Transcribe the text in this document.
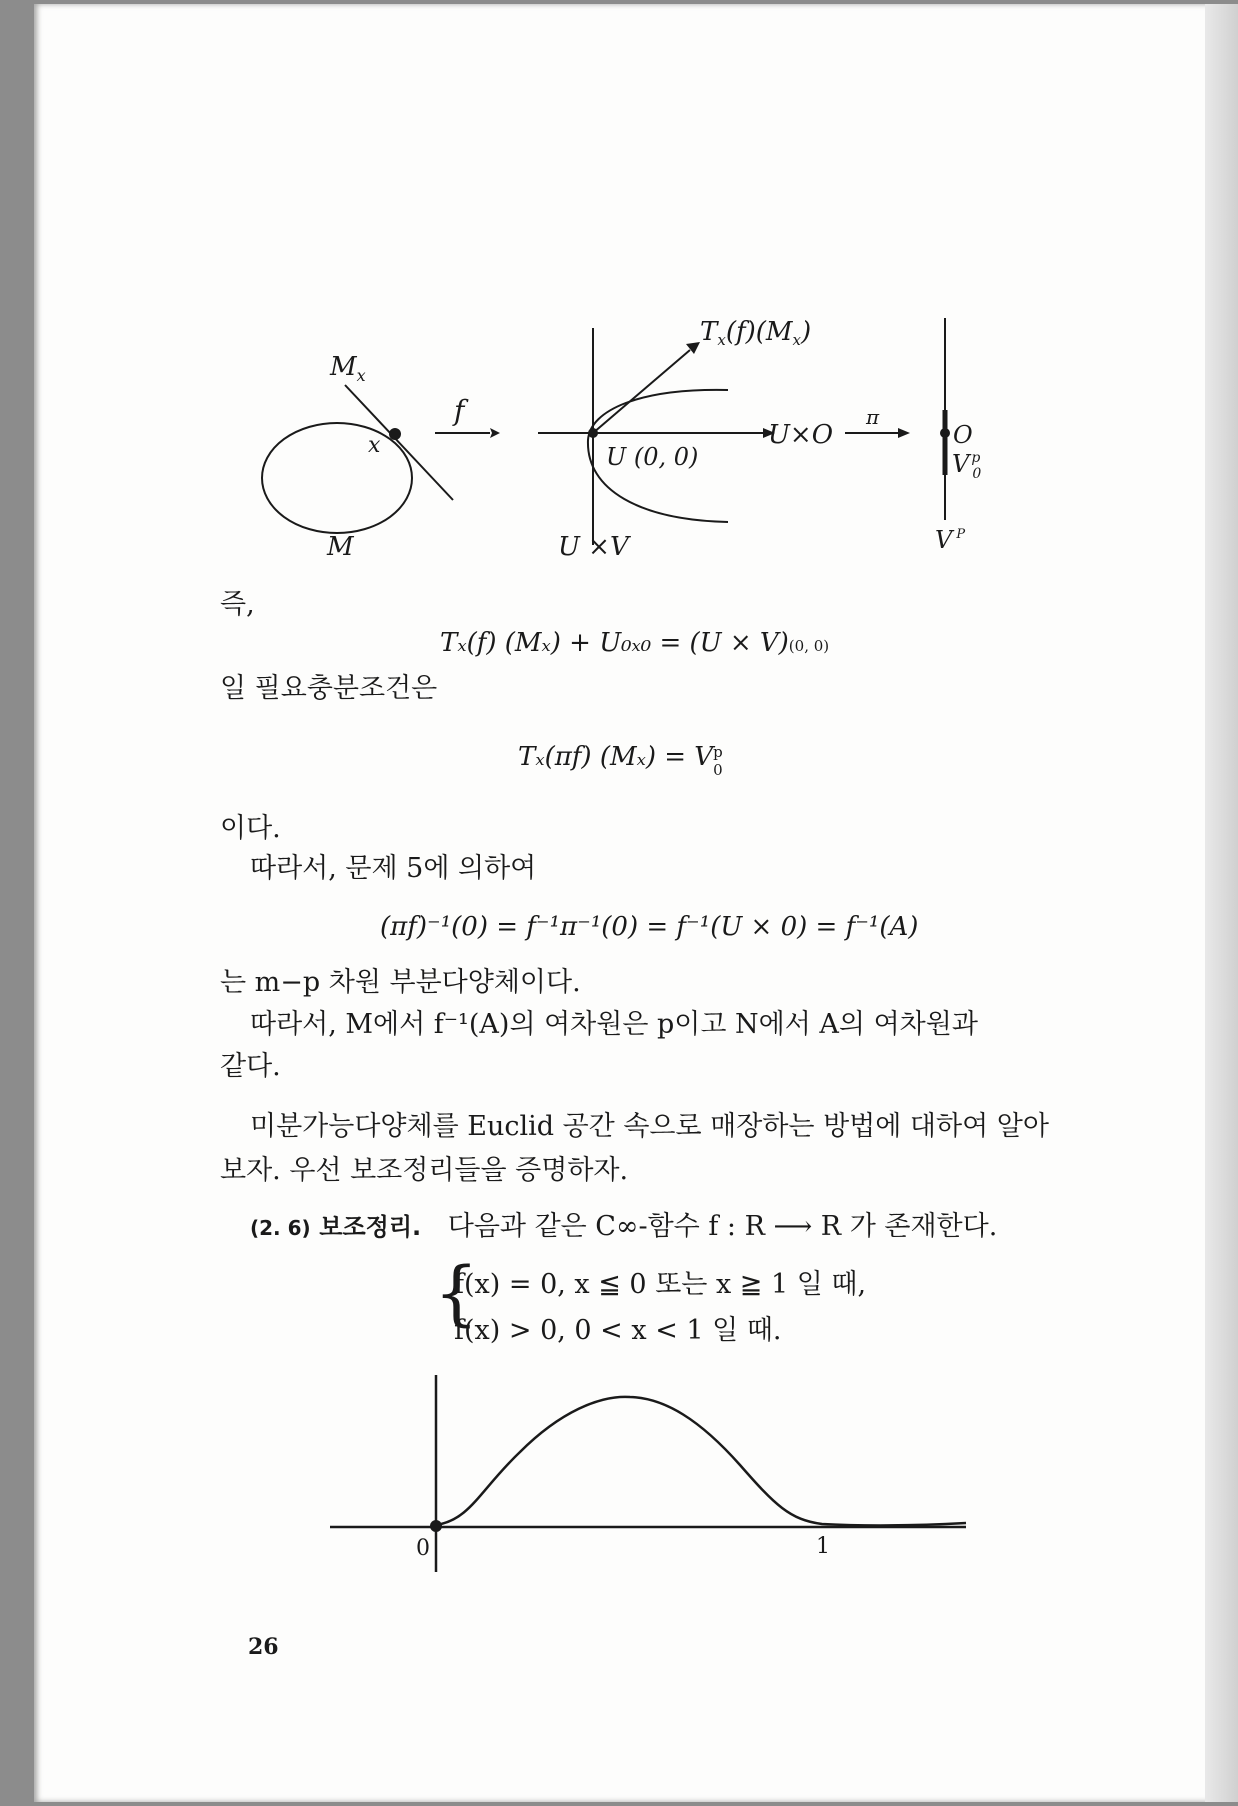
$M_x$
x
M
f
Tx(f)(Mx)
U (0, 0)
U×O
U ×V
π
O
V $^p$ 0
V $^P$
즉,
Tₓ(f) (Mₓ) + U₀ₓ₀ = (U × V)(0, 0)
일 필요충분조건은
Tₓ(πf) (Mₓ) = V p
0
이다.
따라서, 문제 5에 의하여
(πf)⁻¹(0) = f⁻¹π⁻¹(0) = f⁻¹(U × 0) = f⁻¹(A)
는 m−p 차원 부분다양체이다.
따라서, M에서 f⁻¹(A)의 여차원은 p이고 N에서 A의 여차원과
같다.
미분가능다양체를 Euclid 공간 속으로 매장하는 방법에 대하여 알아
보자. 우선 보조정리들을 증명하자.
(2. 6) 보조정리. 다음과 같은 C∞-함수 f : R ⟶ R 가 존재한다.
{
f(x) = 0, x ≦ 0 또는 x ≧ 1 일 때,
f(x) > 0, 0 < x < 1 일 때.
0	1
26
